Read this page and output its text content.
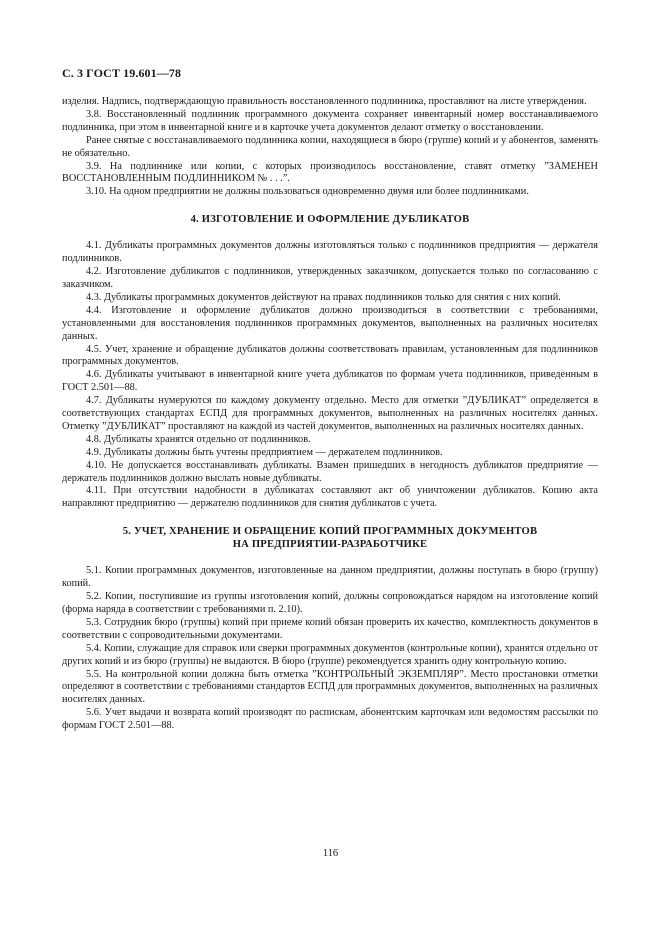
С. 3 ГОСТ 19.601—78

изделия. Надпись, подтверждающую правильность восстановленного подлинника, проставляют на листе утверждения.

3.8. Восстановленный подлинник программного документа сохраняет инвентарный номер восстанавливаемого подлинника, при этом в инвентарной книге и в карточке учета документов делают отметку о восстановлении.

Ранее снятые с восстанавливаемого подлинника копии, находящиеся в бюро (группе) копий и у абонентов, заменять не обязательно.

3.9. На подлиннике или копии, с которых производилось восстановление, ставят отметку ”ЗАМЕНЕН ВОССТАНОВЛЕННЫМ ПОДЛИННИКОМ № . . .”.

3.10. На одном предприятии не должны пользоваться одновременно двумя или более подлинниками.

4. ИЗГОТОВЛЕНИЕ И ОФОРМЛЕНИЕ ДУБЛИКАТОВ

4.1. Дубликаты программных документов должны изготовляться только с подлинников предприятия — держателя подлинников.

4.2. Изготовление дубликатов с подлинников, утвержденных заказчиком, допускается только по согласованию с заказчиком.

4.3. Дубликаты программных документов действуют на правах подлинников только для снятия с них копий.

4.4. Изготовление и оформление дубликатов должно производиться в соответствии с требованиями, установленными для восстановления подлинников программных документов, выполненных на различных носителях данных.

4.5. Учет, хранение и обращение дубликатов должны соответствовать правилам, установленным для подлинников программных документов.

4.6. Дубликаты учитывают в инвентарной книге учета дубликатов по формам учета подлинников, приведенным в ГОСТ 2.501—88.

4.7. Дубликаты нумеруются по каждому документу отдельно. Место для отметки ”ДУБЛИКАТ” определяется в соответствующих стандартах ЕСПД для программных документов, выполненных на различных носителях данных. Отметку ”ДУБЛИКАТ” проставляют на каждой из частей документов, выполненных на различных носителях данных.

4.8. Дубликаты хранятся отдельно от подлинников.

4.9. Дубликаты должны быть учтены предприятием — держателем подлинников.

4.10. Не допускается восстанавливать дубликаты. Взамен пришедших в негодность дубликатов предприятие — держатель подлинников должно выслать новые дубликаты.

4.11. При отсутствии надобности в дубликатах составляют акт об уничтожении дубликатов. Копию акта направляют предприятию — держателю подлинников для снятия дубликатов с учета.

5. УЧЕТ, ХРАНЕНИЕ И ОБРАЩЕНИЕ КОПИЙ ПРОГРАММНЫХ ДОКУМЕНТОВ
НА ПРЕДПРИЯТИИ-РАЗРАБОТЧИКЕ

5.1. Копии программных документов, изготовленные на данном предприятии, должны поступать в бюро (группу) копий.

5.2. Копии, поступившие из группы изготовления копий, должны сопровождаться нарядом на изготовление копий (форма наряда в соответствии с требованиями п. 2.10).

5.3. Сотрудник бюро (группы) копий при приеме копий обязан проверить их качество, комплектность документов в соответствии с сопроводительными документами.

5.4. Копии, служащие для справок или сверки программных документов (контрольные копии), хранятся отдельно от других копий и из бюро (группы) не выдаются. В бюро (группе) рекомендуется хранить одну контрольную копию.

5.5. На контрольной копии должна быть отметка ”КОНТРОЛЬНЫЙ ЭКЗЕМПЛЯР”. Место простановки отметки определяют в соответствии с требованиями стандартов ЕСПД для программных документов, выполненных на различных носителях данных.

5.6. Учет выдачи и возврата копий производят по распискам, абонентским карточкам или ведомостям рассылки по формам ГОСТ 2.501—88.

116
